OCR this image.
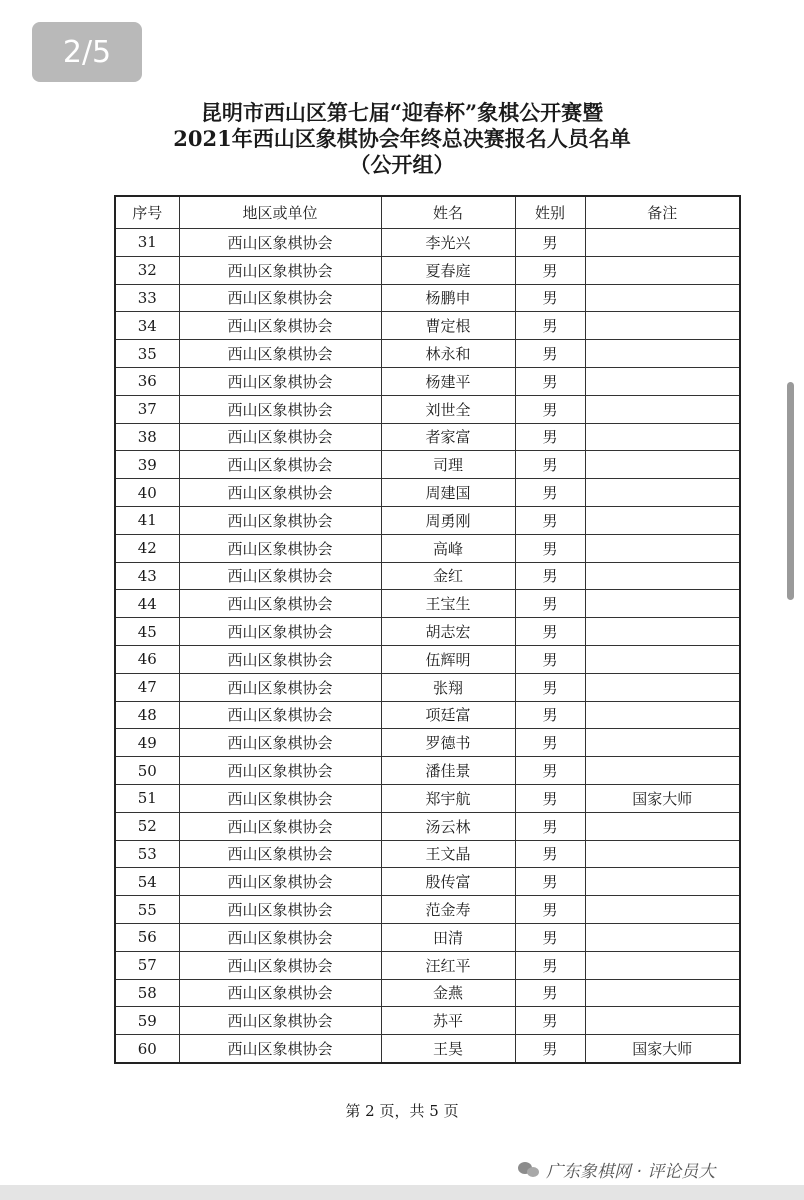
2/5
昆明市西山区第七届“迎春杯”象棋公开赛暨
2021年西山区象棋协会年终总决赛报名人员名单
（公开组）
序号	地区或单位	姓名	姓别	备注
31	西山区象棋协会	李光兴	男	
32	西山区象棋协会	夏春庭	男	
33	西山区象棋协会	杨鹏申	男	
34	西山区象棋协会	曹定根	男	
35	西山区象棋协会	林永和	男	
36	西山区象棋协会	杨建平	男	
37	西山区象棋协会	刘世全	男	
38	西山区象棋协会	者家富	男	
39	西山区象棋协会	司理	男	
40	西山区象棋协会	周建国	男	
41	西山区象棋协会	周勇刚	男	
42	西山区象棋协会	高峰	男	
43	西山区象棋协会	金红	男	
44	西山区象棋协会	王宝生	男	
45	西山区象棋协会	胡志宏	男	
46	西山区象棋协会	伍辉明	男	
47	西山区象棋协会	张翔	男	
48	西山区象棋协会	项廷富	男	
49	西山区象棋协会	罗德书	男	
50	西山区象棋协会	潘佳景	男	
51	西山区象棋协会	郑宇航	男	国家大师
52	西山区象棋协会	汤云林	男	
53	西山区象棋协会	王文晶	男	
54	西山区象棋协会	殷传富	男	
55	西山区象棋协会	范金寿	男	
56	西山区象棋协会	田清	男	
57	西山区象棋协会	汪红平	男	
58	西山区象棋协会	金燕	男	
59	西山区象棋协会	苏平	男	
60	西山区象棋协会	王昊	男	国家大师
第 2 页，共 5 页
广东象棋网 · 评论员大
